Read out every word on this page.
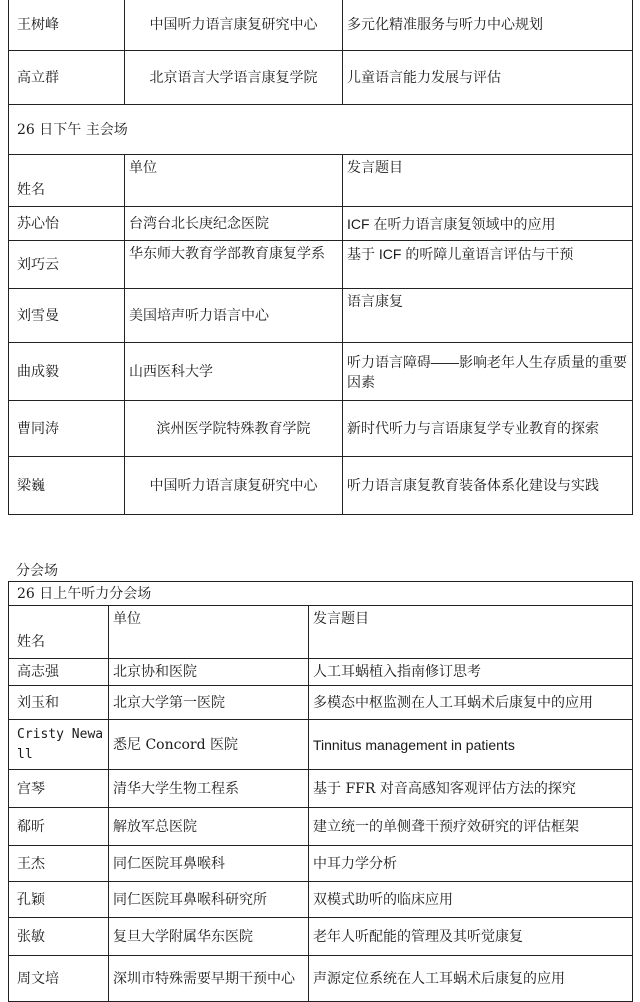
王树峰	中国听力语言康复研究中心	多元化精准服务与听力中心规划
高立群	北京语言大学语言康复学院	儿童语言能力发展与评估
26 日下午 主会场		
姓名	单位	发言题目
苏心怡	台湾台北长庚纪念医院	ICF 在听力语言康复领域中的应用
刘巧云	华东师大教育学部教育康复学系	基于 ICF 的听障儿童语言评估与干预
刘雪曼	美国培声听力语言中心	语言康复
曲成毅	山西医科大学	听力语言障碍——影响老年人生存质量的重要因素
曹同涛	滨州医学院特殊教育学院	新时代听力与言语康复学专业教育的探索
梁巍	中国听力语言康复研究中心	听力语言康复教育装备体系化建设与实践
分会场
26 日上午听力分会场		
姓名	单位	发言题目
高志强	北京协和医院	人工耳蜗植入指南修订思考
刘玉和	北京大学第一医院	多模态中枢监测在人工耳蜗术后康复中的应用
Cristy Newall	悉尼 Concord 医院	Tinnitus management in patients
宫琴	清华大学生物工程系	基于 FFR 对音高感知客观评估方法的探究
郗昕	解放军总医院	建立统一的单侧聋干预疗效研究的评估框架
王杰	同仁医院耳鼻喉科	中耳力学分析
孔颖	同仁医院耳鼻喉科研究所	双模式助听的临床应用
张敏	复旦大学附属华东医院	老年人听配能的管理及其听觉康复
周文培	深圳市特殊需要早期干预中心	声源定位系统在人工耳蜗术后康复的应用
